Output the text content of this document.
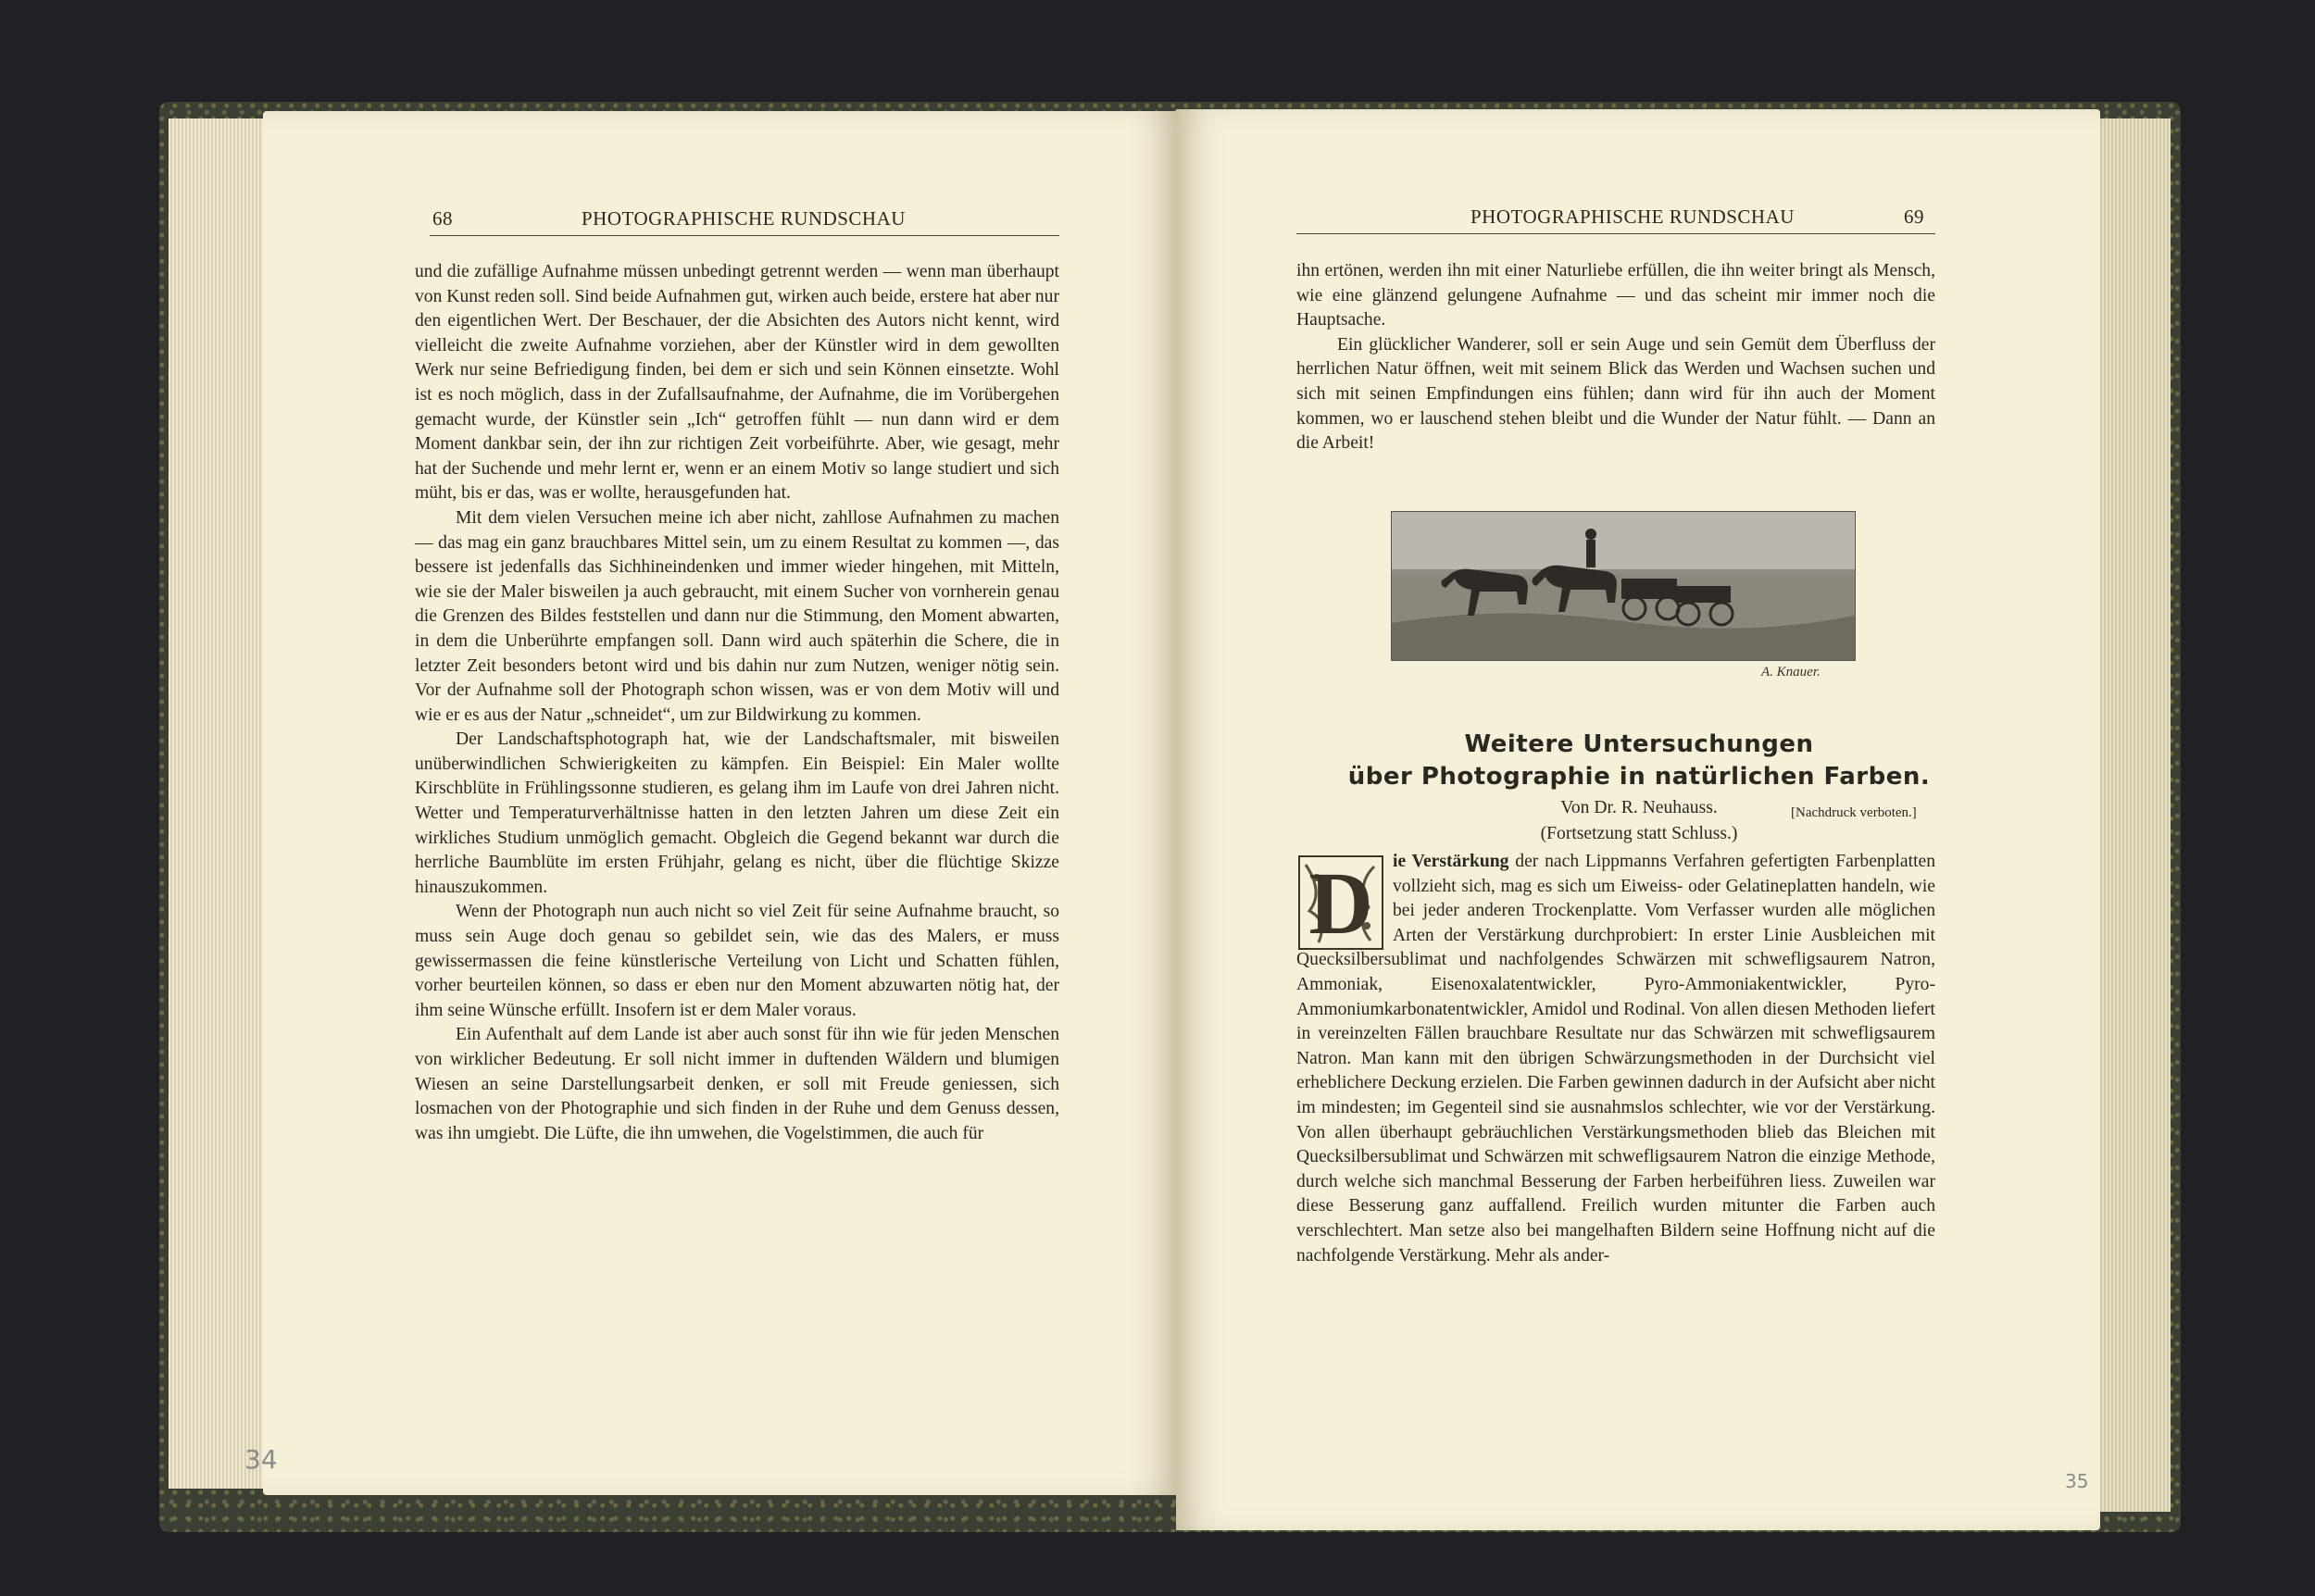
68	PHOTOGRAPHISCHE RUNDSCHAU

und die zufällige Aufnahme müssen unbedingt getrennt werden — wenn man überhaupt von Kunst reden soll. Sind beide Aufnahmen gut, wirken auch beide, erstere hat aber nur den eigentlichen Wert. Der Beschauer, der die Absichten des Autors nicht kennt, wird vielleicht die zweite Aufnahme vorziehen, aber der Künstler wird in dem gewollten Werk nur seine Befriedigung finden, bei dem er sich und sein Können einsetzte. Wohl ist es noch möglich, dass in der Zufallsaufnahme, der Aufnahme, die im Vorübergehen gemacht wurde, der Künstler sein „Ich“ getroffen fühlt — nun dann wird er dem Moment dankbar sein, der ihn zur richtigen Zeit vorbeiführte. Aber, wie gesagt, mehr hat der Suchende und mehr lernt er, wenn er an einem Motiv so lange studiert und sich müht, bis er das, was er wollte, herausgefunden hat.

Mit dem vielen Versuchen meine ich aber nicht, zahllose Aufnahmen zu machen — das mag ein ganz brauchbares Mittel sein, um zu einem Resultat zu kommen —, das bessere ist jedenfalls das Sichhineindenken und immer wieder hingehen, mit Mitteln, wie sie der Maler bisweilen ja auch gebraucht, mit einem Sucher von vornherein genau die Grenzen des Bildes feststellen und dann nur die Stimmung, den Moment abwarten, in dem die Unberührte empfangen soll. Dann wird auch späterhin die Schere, die in letzter Zeit besonders betont wird und bis dahin nur zum Nutzen, weniger nötig sein. Vor der Aufnahme soll der Photograph schon wissen, was er von dem Motiv will und wie er es aus der Natur „schneidet“, um zur Bildwirkung zu kommen.

Der Landschaftsphotograph hat, wie der Landschaftsmaler, mit bisweilen unüberwindlichen Schwierigkeiten zu kämpfen. Ein Beispiel: Ein Maler wollte Kirschblüte in Frühlingssonne studieren, es gelang ihm im Laufe von drei Jahren nicht. Wetter und Temperaturverhältnisse hatten in den letzten Jahren um diese Zeit ein wirkliches Studium unmöglich gemacht. Obgleich die Gegend bekannt war durch die herrliche Baumblüte im ersten Frühjahr, gelang es nicht, über die flüchtige Skizze hinauszukommen.

Wenn der Photograph nun auch nicht so viel Zeit für seine Aufnahme braucht, so muss sein Auge doch genau so gebildet sein, wie das des Malers, er muss gewissermassen die feine künstlerische Verteilung von Licht und Schatten fühlen, vorher beurteilen können, so dass er eben nur den Moment abzuwarten nötig hat, der ihm seine Wünsche erfüllt. Insofern ist er dem Maler voraus.

Ein Aufenthalt auf dem Lande ist aber auch sonst für ihn wie für jeden Menschen von wirklicher Bedeutung. Er soll nicht immer in duftenden Wäldern und blumigen Wiesen an seine Darstellungsarbeit denken, er soll mit Freude geniessen, sich losmachen von der Photographie und sich finden in der Ruhe und dem Genuss dessen, was ihn umgiebt. Die Lüfte, die ihn umwehen, die Vogelstimmen, die auch für

34
PHOTOGRAPHISCHE RUNDSCHAU	69

ihn ertönen, werden ihn mit einer Naturliebe erfüllen, die ihn weiter bringt als Mensch, wie eine glänzend gelungene Aufnahme — und das scheint mir immer noch die Hauptsache.

Ein glücklicher Wanderer, soll er sein Auge und sein Gemüt dem Überfluss der herrlichen Natur öffnen, weit mit seinem Blick das Werden und Wachsen suchen und sich mit seinen Empfindungen eins fühlen; dann wird für ihn auch der Moment kommen, wo er lauschend stehen bleibt und die Wunder der Natur fühlt. — Dann an die Arbeit!

A. Knauer.
Weitere Untersuchungen
über Photographie in natürlichen Farben.
Von Dr. R. Neuhauss.	[Nachdruck verboten.]
(Fortsetzung statt Schluss.)
D	ie Verstärkung der nach Lippmanns Verfahren gefertigten Farbenplatten vollzieht sich, mag es sich um Eiweiss- oder Gelatineplatten handeln, wie bei jeder anderen Trockenplatte. Vom Verfasser wurden alle möglichen Arten der Verstärkung durchprobiert: In erster Linie Ausbleichen mit Quecksilbersublimat und nachfolgendes Schwärzen mit schwefligsaurem Natron, Ammoniak, Eisenoxalatentwickler, Pyro-Ammoniakentwickler, Pyro-Ammoniumkarbonatentwickler, Amidol und Rodinal. Von allen diesen Methoden liefert in vereinzelten Fällen brauchbare Resultate nur das Schwärzen mit schwefligsaurem Natron. Man kann mit den übrigen Schwärzungsmethoden in der Durchsicht viel erheblichere Deckung erzielen. Die Farben gewinnen dadurch in der Aufsicht aber nicht im mindesten; im Gegenteil sind sie ausnahmslos schlechter, wie vor der Verstärkung. Von allen überhaupt gebräuchlichen Verstärkungsmethoden blieb das Bleichen mit Quecksilbersublimat und Schwärzen mit schwefligsaurem Natron die einzige Methode, durch welche sich manchmal Besserung der Farben herbeiführen liess. Zuweilen war diese Besserung ganz auffallend. Freilich wurden mitunter die Farben auch verschlechtert. Man setze also bei mangelhaften Bildern seine Hoffnung nicht auf die nachfolgende Verstärkung. Mehr als ander-

35
